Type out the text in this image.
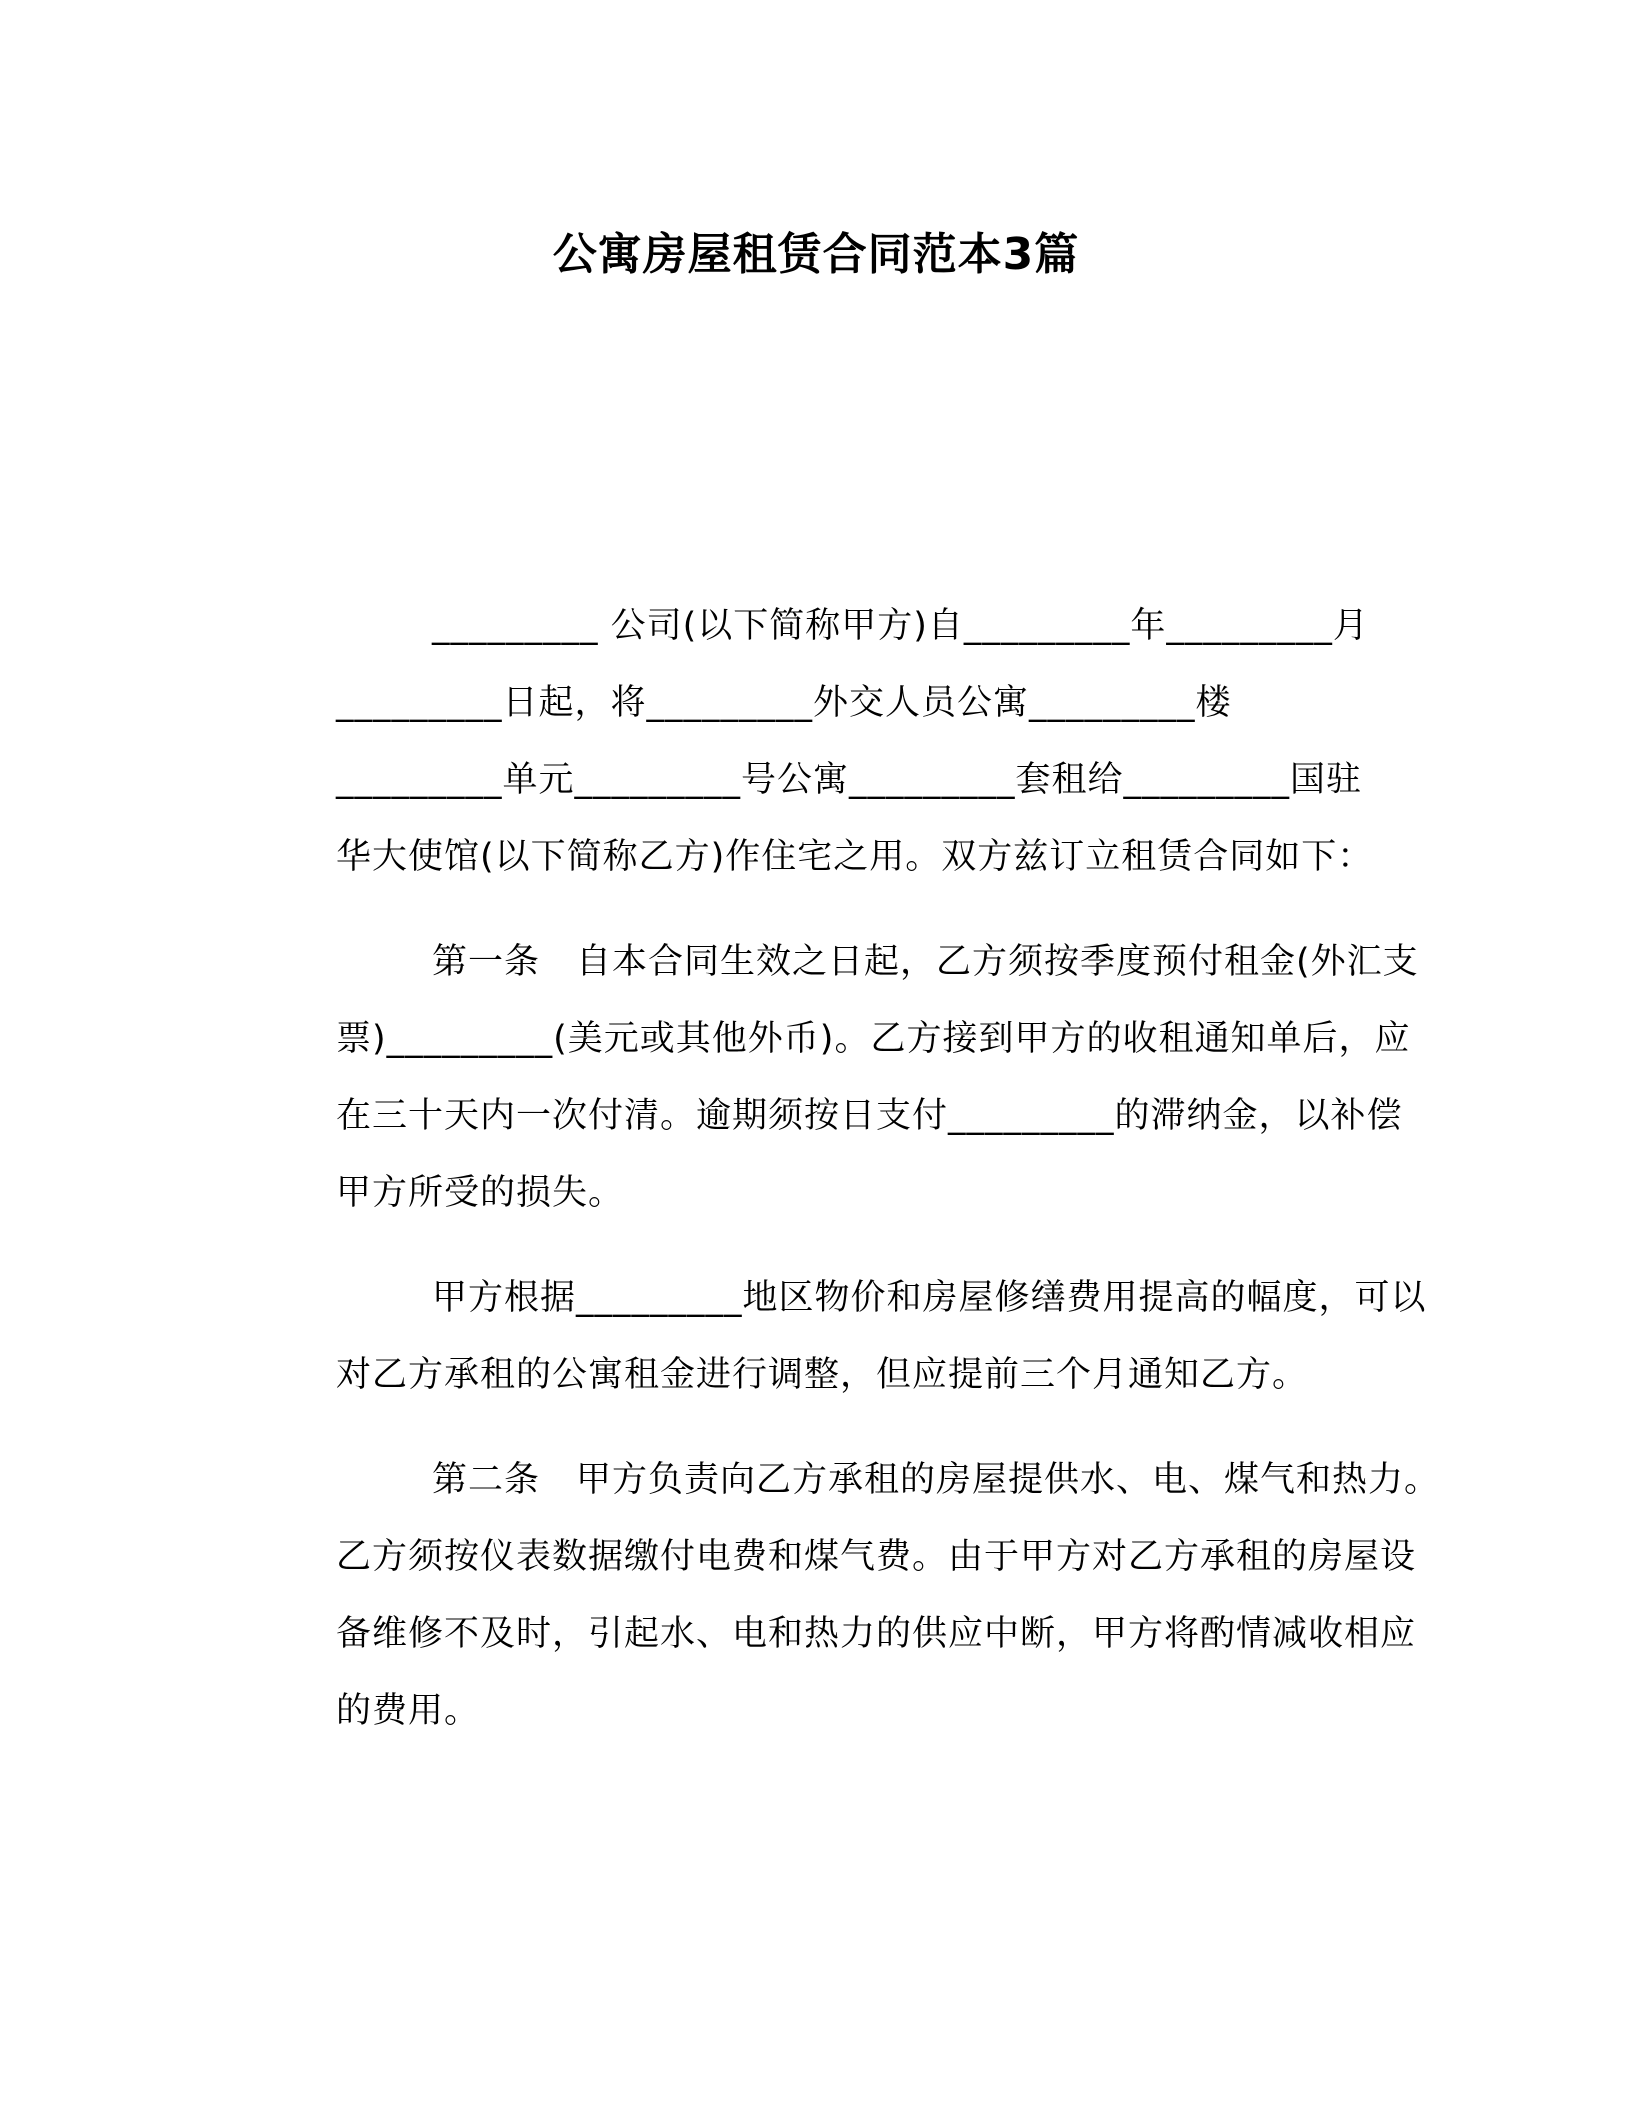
公寓房屋租赁合同范本3篇

_________ 公司(以下简称甲方)自_________年_________月
_________日起，将_________外交人员公寓_________楼
_________单元_________号公寓_________套租给_________国驻
华大使馆(以下简称乙方)作住宅之用。双方兹订立租赁合同如下：

第一条　自本合同生效之日起，乙方须按季度预付租金(外汇支
票)_________(美元或其他外币)。乙方接到甲方的收租通知单后，应
在三十天内一次付清。逾期须按日支付_________的滞纳金，以补偿
甲方所受的损失。

甲方根据_________地区物价和房屋修缮费用提高的幅度，可以
对乙方承租的公寓租金进行调整，但应提前三个月通知乙方。

第二条　甲方负责向乙方承租的房屋提供水、电、煤气和热力。
乙方须按仪表数据缴付电费和煤气费。由于甲方对乙方承租的房屋设
备维修不及时，引起水、电和热力的供应中断，甲方将酌情减收相应
的费用。
